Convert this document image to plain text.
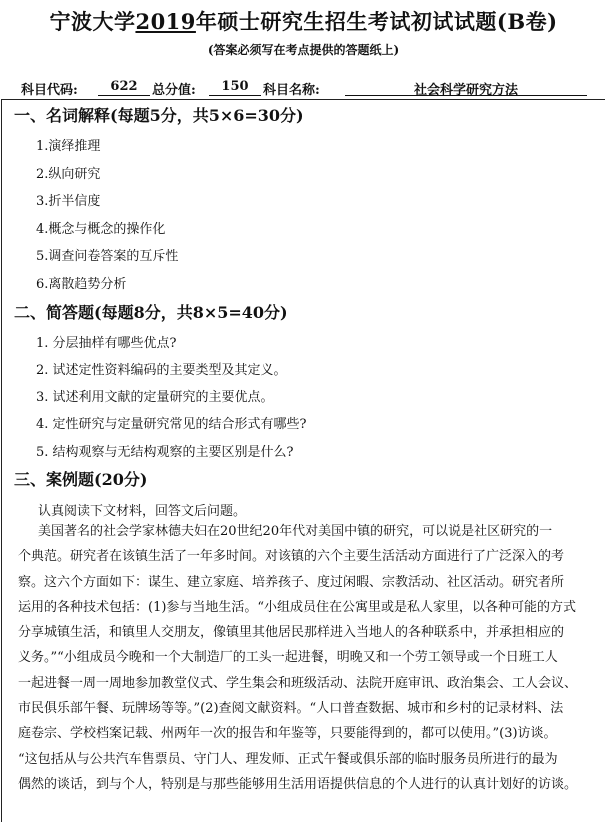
宁波大学2019年硕士研究生招生考试初试试题(B卷)
(答案必须写在考点提供的答题纸上)
科目代码:	622	总分值:	150	科目名称:	社会科学研究方法
一、名词解释(每题5分，共5×6=30分)
1.演绎推理
2.纵向研究
3.折半信度
4.概念与概念的操作化
5.调查问卷答案的互斥性
6.离散趋势分析
二、简答题(每题8分，共8×5=40分)
1. 分层抽样有哪些优点?
2. 试述定性资料编码的主要类型及其定义。
3. 试述利用文献的定量研究的主要优点。
4. 定性研究与定量研究常见的结合形式有哪些?
5. 结构观察与无结构观察的主要区别是什么?
三、案例题(20分)
认真阅读下文材料，回答文后问题。
美国著名的社会学家林德夫妇在20世纪20年代对美国中镇的研究，可以说是社区研究的一
个典范。研究者在该镇生活了一年多时间。对该镇的六个主要生活活动方面进行了广泛深入的考
察。这六个方面如下：谋生、建立家庭、培养孩子、度过闲暇、宗教活动、社区活动。研究者所
运用的各种技术包括：(1)参与当地生活。“小组成员住在公寓里或是私人家里，以各种可能的方式
分享城镇生活，和镇里人交朋友，像镇里其他居民那样进入当地人的各种联系中，并承担相应的
义务。”“小组成员今晚和一个大制造厂的工头一起进餐，明晚又和一个劳工领导或一个日班工人
一起进餐一周一周地参加教堂仪式、学生集会和班级活动、法院开庭审讯、政治集会、工人会议、
市民俱乐部午餐、玩牌场等等。”(2)查阅文献资料。“人口普查数据、城市和乡村的记录材料、法
庭卷宗、学校档案记载、州两年一次的报告和年鉴等，只要能得到的，都可以使用。”(3)访谈。
“这包括从与公共汽车售票员、守门人、理发师、正式午餐或俱乐部的临时服务员所进行的最为
偶然的谈话，到与个人，特别是与那些能够用生活用语提供信息的个人进行的认真计划好的访谈。
